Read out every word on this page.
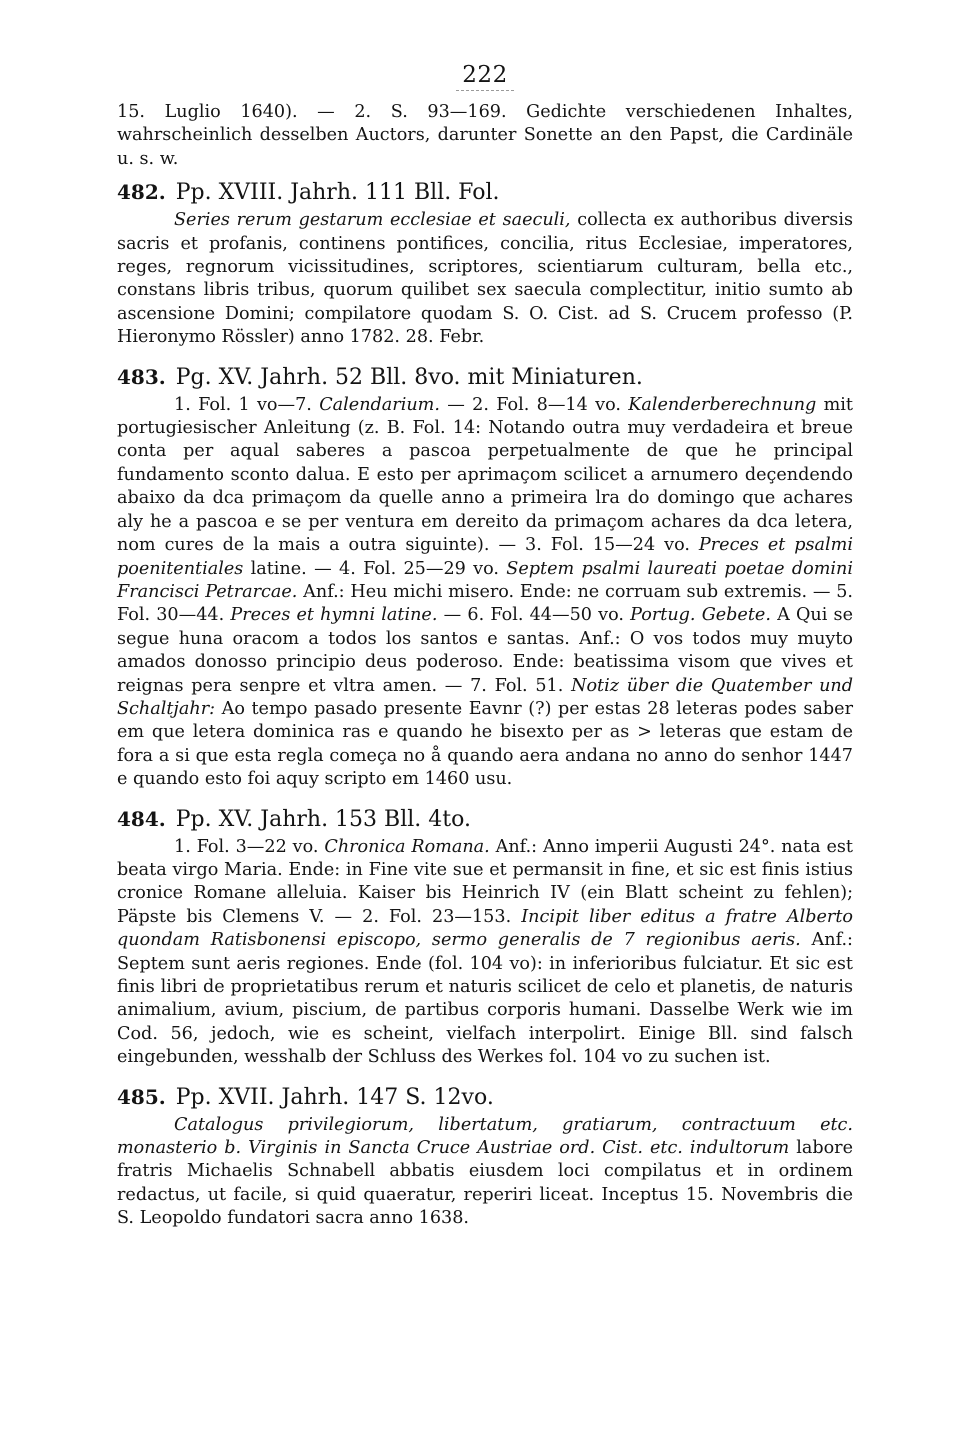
222

15. Luglio 1640). — 2. S. 93—169. Gedichte verschiedenen Inhaltes, wahrscheinlich desselben Auctors, darunter Sonette an den Papst, die Cardinäle u. s. w.

482. Pp. XVIII. Jahrh. 111 Bll. Fol.

Series rerum gestarum ecclesiae et saeculi, collecta ex authoribus diversis sacris et profanis, continens pontifices, concilia, ritus Ecclesiae, imperatores, reges, regnorum vicissitudines, scriptores, scientiarum culturam, bella etc., constans libris tribus, quorum quilibet sex saecula complectitur, initio sumto ab ascensione Domini; compilatore quodam S. O. Cist. ad S. Crucem professo (P. Hieronymo Rössler) anno 1782. 28. Febr.

483. Pg. XV. Jahrh. 52 Bll. 8vo. mit Miniaturen.

1. Fol. 1 vo—7. Calendarium. — 2. Fol. 8—14 vo. Kalenderberechnung mit portugiesischer Anleitung (z. B. Fol. 14: Notando outra muy verdadeira et breue conta per aqual saberes a pascoa perpetualmente de que he principal fundamento sconto dalua. E esto per aprimaçom scilicet a arnumero deçendendo abaixo da dca primaçom da quelle anno a primeira lra do domingo que achares aly he a pascoa e se per ventura em dereito da primaçom achares da dca letera, nom cures de la mais a outra siguinte). — 3. Fol. 15—24 vo. Preces et psalmi poenitentiales latine. — 4. Fol. 25—29 vo. Septem psalmi laureati poetae domini Francisci Petrarcae. Anf.: Heu michi misero. Ende: ne corruam sub extremis. — 5. Fol. 30—44. Preces et hymni latine. — 6. Fol. 44—50 vo. Portug. Gebete. A Qui se segue huna oracom a todos los santos e santas. Anf.: O vos todos muy muyto amados donosso principio deus poderoso. Ende: beatissima visom que vives et reignas pera senpre et vltra amen. — 7. Fol. 51. Notiz über die Quatember und Schaltjahr: Ao tempo pasado presente Eavnr (?) per estas 28 leteras podes saber em que letera dominica ras e quando he bisexto per as > leteras que estam de fora a si que esta regla começa no å quando aera andana no anno do senhor 1447 e quando esto foi aquy scripto em 1460 usu.

484. Pp. XV. Jahrh. 153 Bll. 4to.

1. Fol. 3—22 vo. Chronica Romana. Anf.: Anno imperii Augusti 24°. nata est beata virgo Maria. Ende: in Fine vite sue et permansit in fine, et sic est finis istius cronice Romane alleluia. Kaiser bis Heinrich IV (ein Blatt scheint zu fehlen); Päpste bis Clemens V. — 2. Fol. 23—153. Incipit liber editus a fratre Alberto quondam Ratisbonensi episcopo, sermo generalis de 7 regionibus aeris. Anf.: Septem sunt aeris regiones. Ende (fol. 104 vo): in inferioribus fulciatur. Et sic est finis libri de proprietatibus rerum et naturis scilicet de celo et planetis, de naturis animalium, avium, piscium, de partibus corporis humani. Dasselbe Werk wie im Cod. 56, jedoch, wie es scheint, vielfach interpolirt. Einige Bll. sind falsch eingebunden, wesshalb der Schluss des Werkes fol. 104 vo zu suchen ist.

485. Pp. XVII. Jahrh. 147 S. 12vo.

Catalogus privilegiorum, libertatum, gratiarum, contractuum etc. monasterio b. Virginis in Sancta Cruce Austriae ord. Cist. etc. indultorum labore fratris Michaelis Schnabell abbatis eiusdem loci compilatus et in ordinem redactus, ut facile, si quid quaeratur, reperiri liceat. Inceptus 15. Novembris die S. Leopoldo fundatori sacra anno 1638.
